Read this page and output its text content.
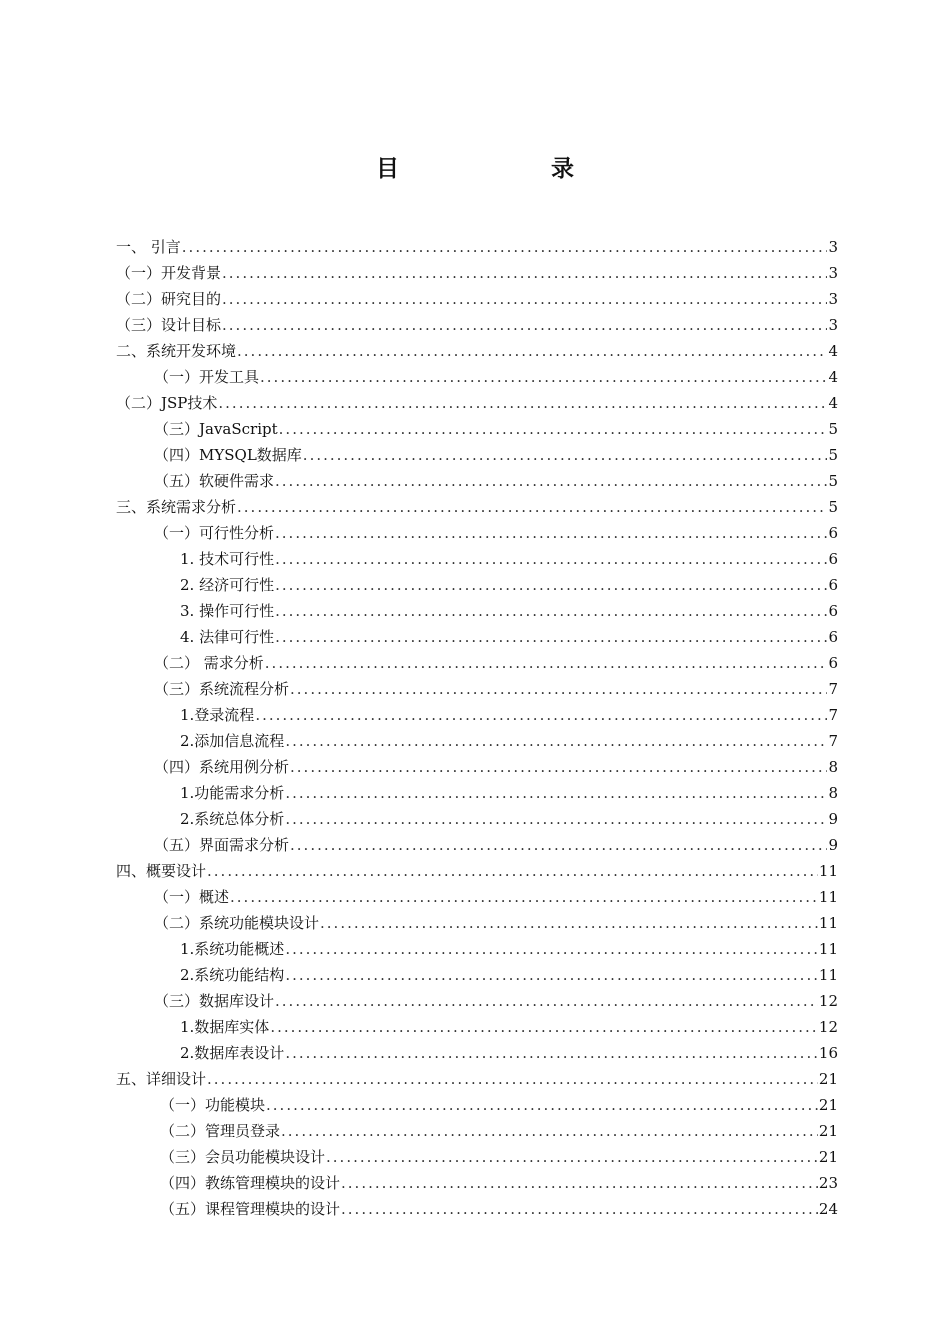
目 录
一、 引言 .....	3
（一）开发背景 .....	3
（二）研究目的 .....	3
（三）设计目标 .....	3
二、系统开发环境 .....	4
（一）开发工具 .....	4
（二）JSP技术 .....	4
（三）JavaScript .....	5
（四）MYSQL数据库 .....	5
（五）软硬件需求 .....	5
三、系统需求分析 .....	5
（一）可行性分析 .....	6
1. 技术可行性 .....	6
2. 经济可行性 .....	6
3. 操作可行性 .....	6
4. 法律可行性 .....	6
（二） 需求分析 .....	6
（三）系统流程分析 .....	7
1.登录流程 .....	7
2.添加信息流程 .....	7
（四）系统用例分析 .....	8
1.功能需求分析 .....	8
2.系统总体分析 .....	9
（五）界面需求分析 .....	9
四、概要设计 .....	11
（一）概述 .....	11
（二）系统功能模块设计 .....	11
1.系统功能概述 .....	11
2.系统功能结构 .....	11
（三）数据库设计 .....	12
1.数据库实体 .....	12
2.数据库表设计 .....	16
五、详细设计 .....	21
（一）功能模块 .....	21
（二）管理员登录 .....	21
（三）会员功能模块设计 .....	21
（四）教练管理模块的设计 .....	23
（五）课程管理模块的设计 .....	24
